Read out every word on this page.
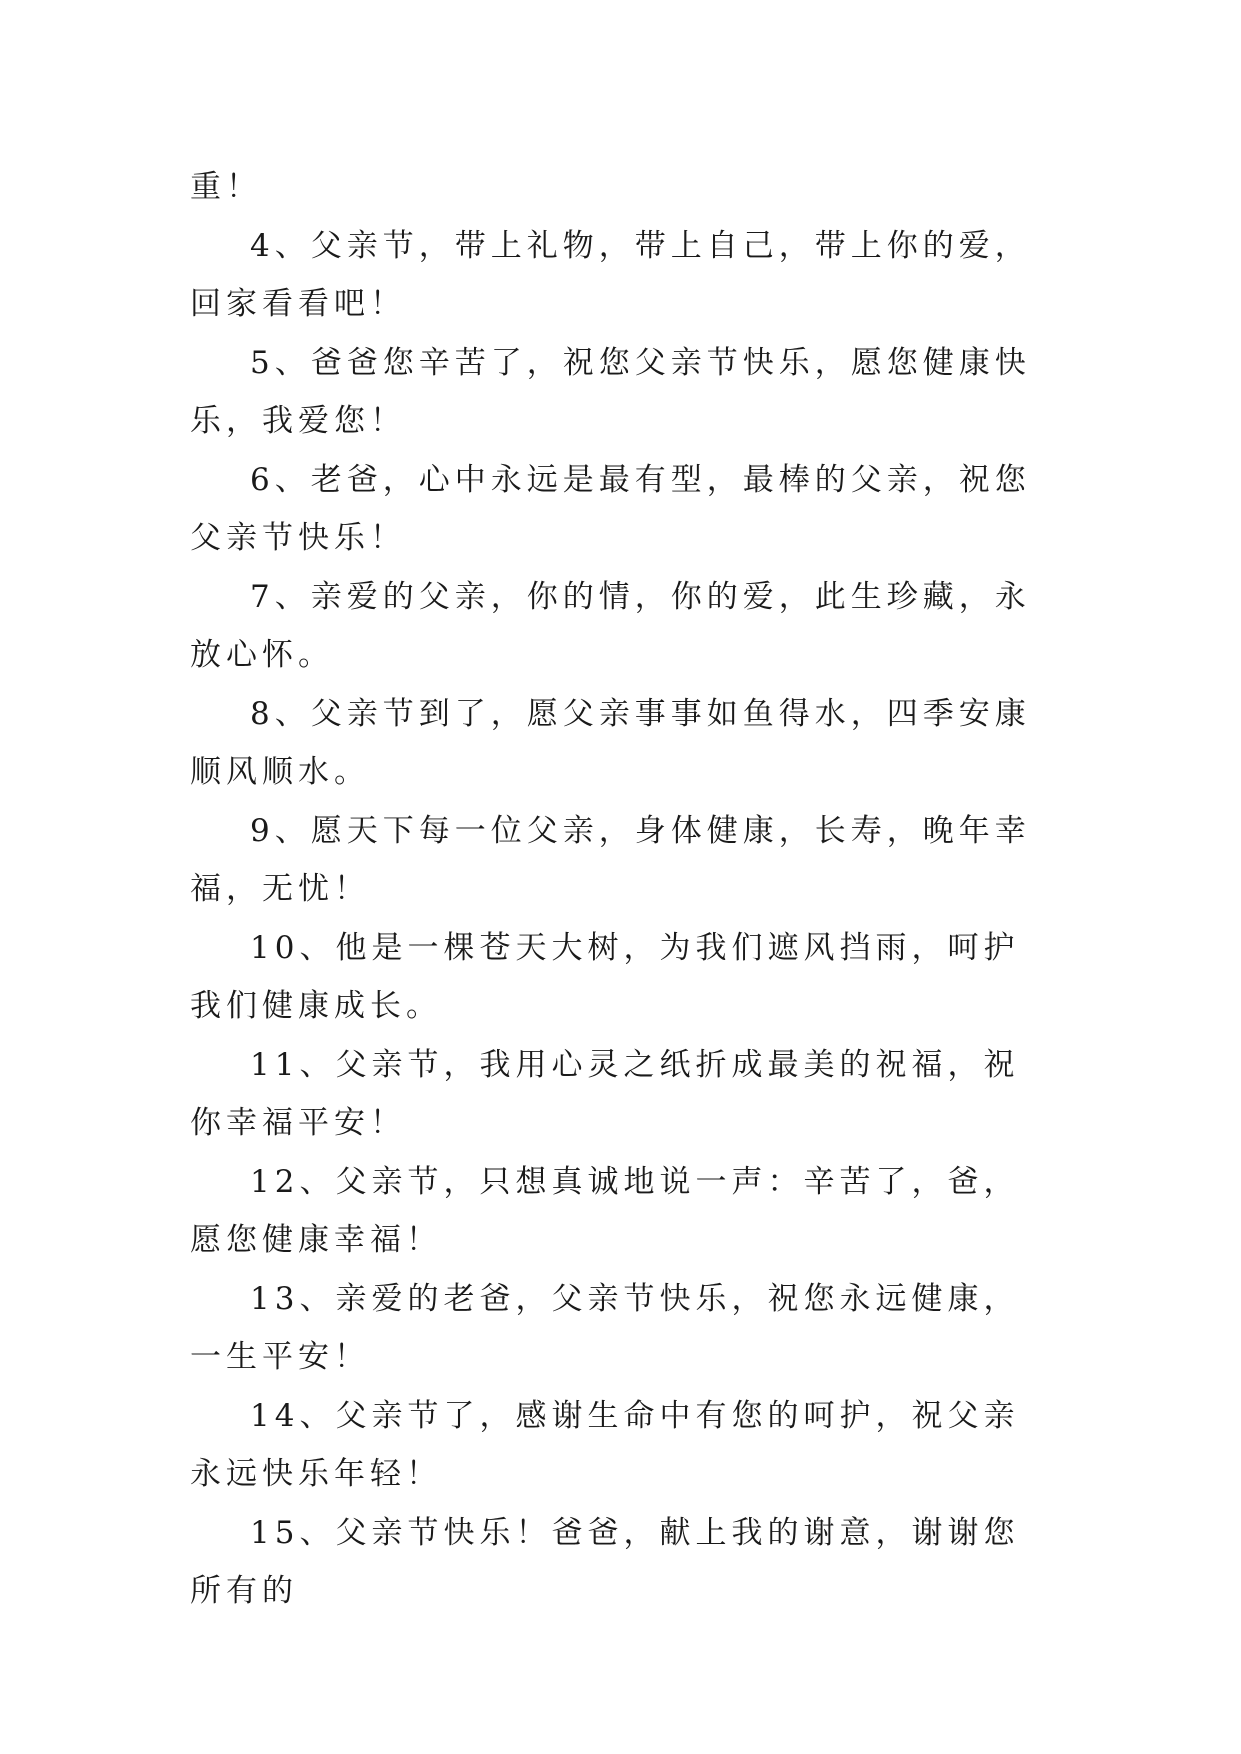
重！

4、父亲节，带上礼物，带上自己，带上你的爱，回家看看吧！

5、爸爸您辛苦了，祝您父亲节快乐，愿您健康快乐，我爱您！

6、老爸，心中永远是最有型，最棒的父亲，祝您父亲节快乐！

7、亲爱的父亲，你的情，你的爱，此生珍藏，永放心怀。

8、父亲节到了，愿父亲事事如鱼得水，四季安康顺风顺水。

9、愿天下每一位父亲，身体健康，长寿，晚年幸福，无忧！

10、他是一棵苍天大树，为我们遮风挡雨，呵护我们健康成长。

11、父亲节，我用心灵之纸折成最美的祝福，祝你幸福平安！

12、父亲节，只想真诚地说一声：辛苦了，爸，愿您健康幸福！

13、亲爱的老爸，父亲节快乐，祝您永远健康，一生平安！

14、父亲节了，感谢生命中有您的呵护，祝父亲永远快乐年轻！

15、父亲节快乐！爸爸，献上我的谢意，谢谢您所有的
